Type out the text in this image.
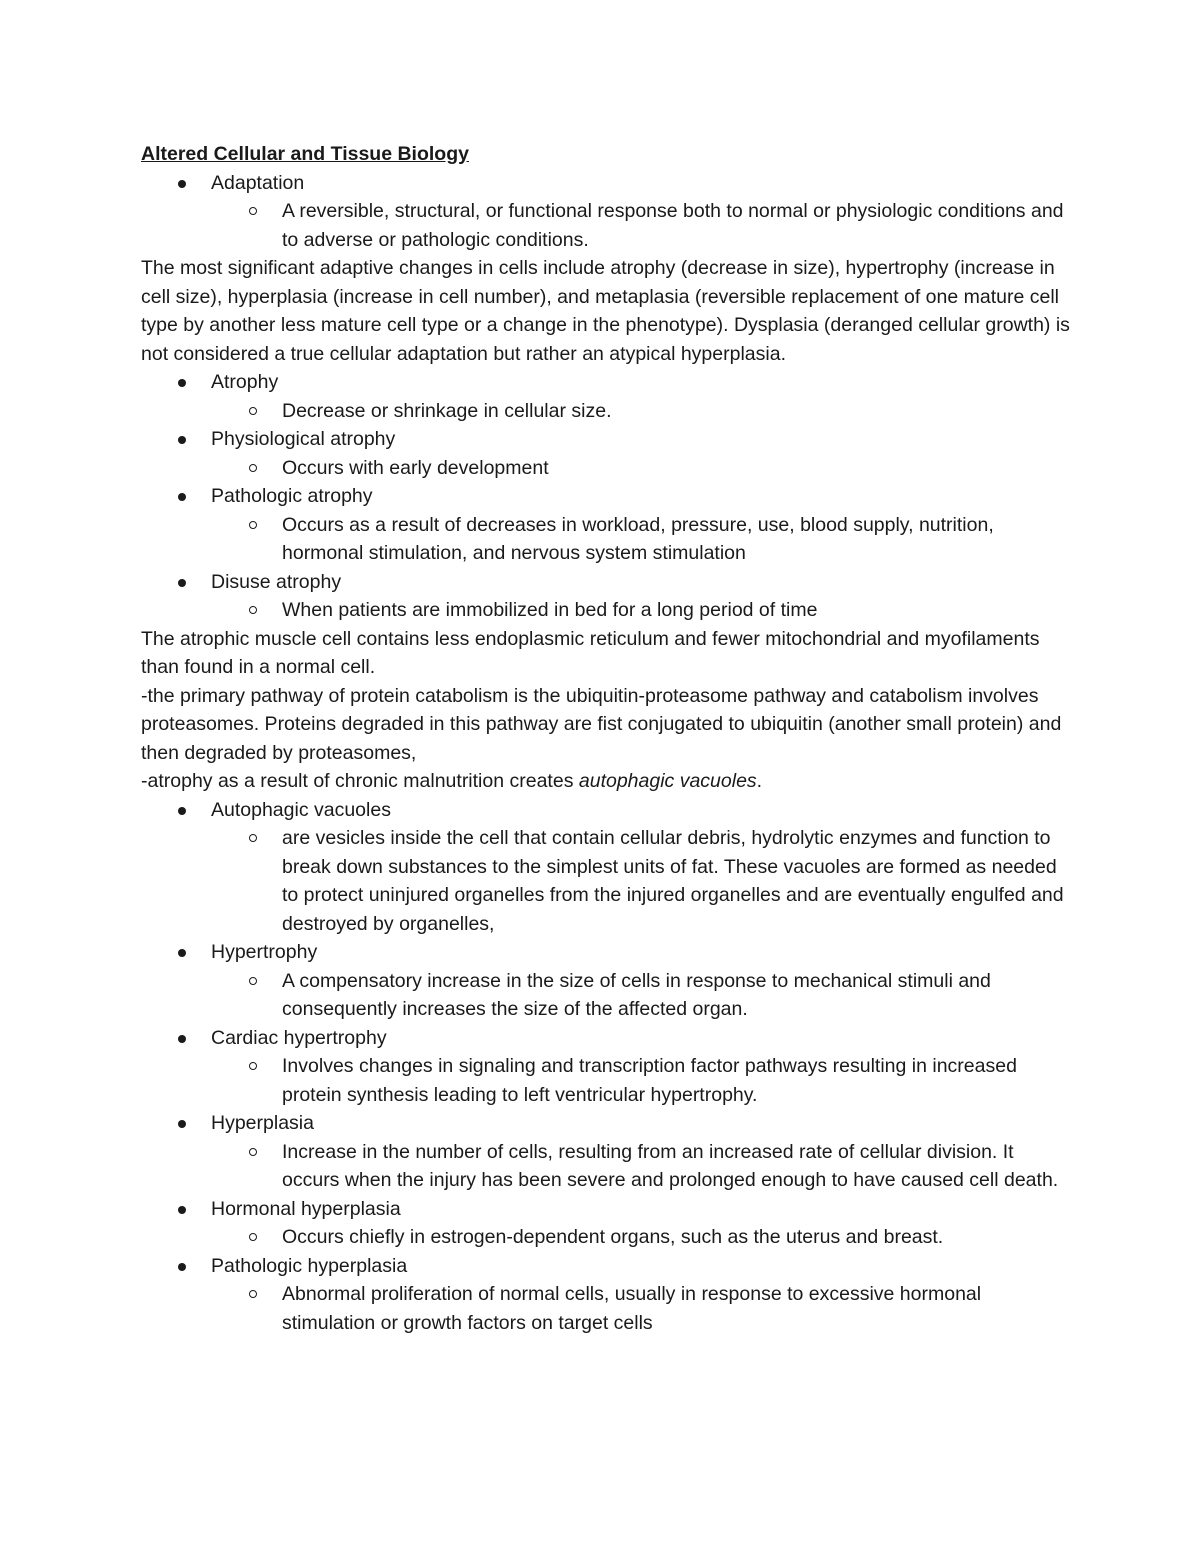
Altered Cellular and Tissue Biology

Adaptation
A reversible, structural, or functional response both to normal or physiologic conditions and to adverse or pathologic conditions.
The most significant adaptive changes in cells include atrophy (decrease in size), hypertrophy (increase in cell size), hyperplasia (increase in cell number), and metaplasia (reversible replacement of one mature cell type by another less mature cell type or a change in the phenotype). Dysplasia (deranged cellular growth) is not considered a true cellular adaptation but rather an atypical hyperplasia.
Atrophy
Decrease or shrinkage in cellular size.
Physiological atrophy
Occurs with early development
Pathologic atrophy
Occurs as a result of decreases in workload, pressure, use, blood supply, nutrition, hormonal stimulation, and nervous system stimulation
Disuse atrophy
When patients are immobilized in bed for a long period of time
The atrophic muscle cell contains less endoplasmic reticulum and fewer mitochondrial and myofilaments than found in a normal cell.
-the primary pathway of protein catabolism is the ubiquitin-proteasome pathway and catabolism involves proteasomes. Proteins degraded in this pathway are fist conjugated to ubiquitin (another small protein) and then degraded by proteasomes,
-atrophy as a result of chronic malnutrition creates autophagic vacuoles.
Autophagic vacuoles
are vesicles inside the cell that contain cellular debris, hydrolytic enzymes and function to break down substances to the simplest units of fat. These vacuoles are formed as needed to protect uninjured organelles from the injured organelles and are eventually engulfed and destroyed by organelles,
Hypertrophy
A compensatory increase in the size of cells in response to mechanical stimuli and consequently increases the size of the affected organ.
Cardiac hypertrophy
Involves changes in signaling and transcription factor pathways resulting in increased protein synthesis leading to left ventricular hypertrophy.
Hyperplasia
Increase in the number of cells, resulting from an increased rate of cellular division. It occurs when the injury has been severe and prolonged enough to have caused cell death.
Hormonal hyperplasia
Occurs chiefly in estrogen-dependent organs, such as the uterus and breast.
Pathologic hyperplasia
Abnormal proliferation of normal cells, usually in response to excessive hormonal stimulation or growth factors on target cells
